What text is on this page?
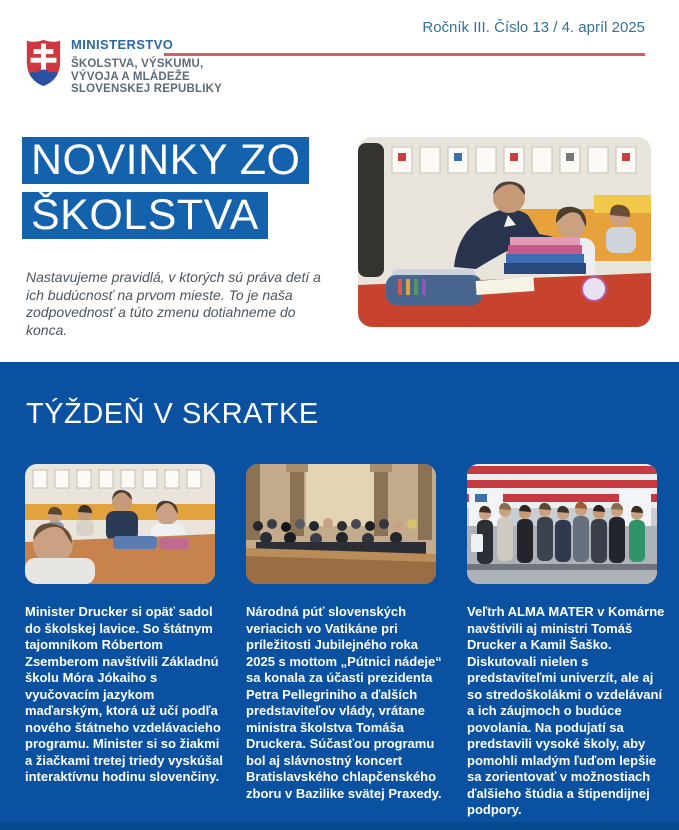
Ročník III. Číslo 13 / 4. apríl 2025
MINISTERSTVO
ŠKOLSTVA, VÝSKUMU,
VÝVOJA A MLÁDEŽE
SLOVENSKEJ REPUBLIKY
NOVINKY ZO
ŠKOLSTVA
Nastavujeme pravidlá, v ktorých sú práva detí a ich budúcnosť na prvom mieste. To je naša zodpovednosť a túto zmenu dotiahneme do konca.
TÝŽDEŇ V SKRATKE

Minister Drucker si opäť sadol do školskej lavice. So štátnym tajomníkom Róbertom Zsemberom navštívili Základnú školu Móra Jókaiho s vyučovacím jazykom maďarským, ktorá už učí podľa nového štátneho vzdelávacieho programu. Minister si so žiakmi a žiačkami tretej triedy vyskúšal interaktívnu hodinu slovenčiny.

Národná púť slovenských veriacich vo Vatikáne pri príležitosti Jubilejného roka 2025 s mottom „Pútnici nádeje“ sa konala za účasti prezidenta Petra Pellegriniho a ďalších predstaviteľov vlády, vrátane ministra školstva Tomáša Druckera. Súčasťou programu bol aj slávnostný koncert Bratislavského chlapčenského zboru v Bazilike svätej Praxedy.

Veľtrh ALMA MATER v Komárne navštívili aj ministri Tomáš Drucker a Kamil Šaško. Diskutovali nielen s predstaviteľmi univerzít, ale aj so stredoškolákmi o vzdelávaní a ich záujmoch o budúce povolania. Na podujatí sa predstavili vysoké školy, aby pomohli mladým ľuďom lepšie sa zorientovať v možnostiach ďalšieho štúdia a štipendijnej podpory.
